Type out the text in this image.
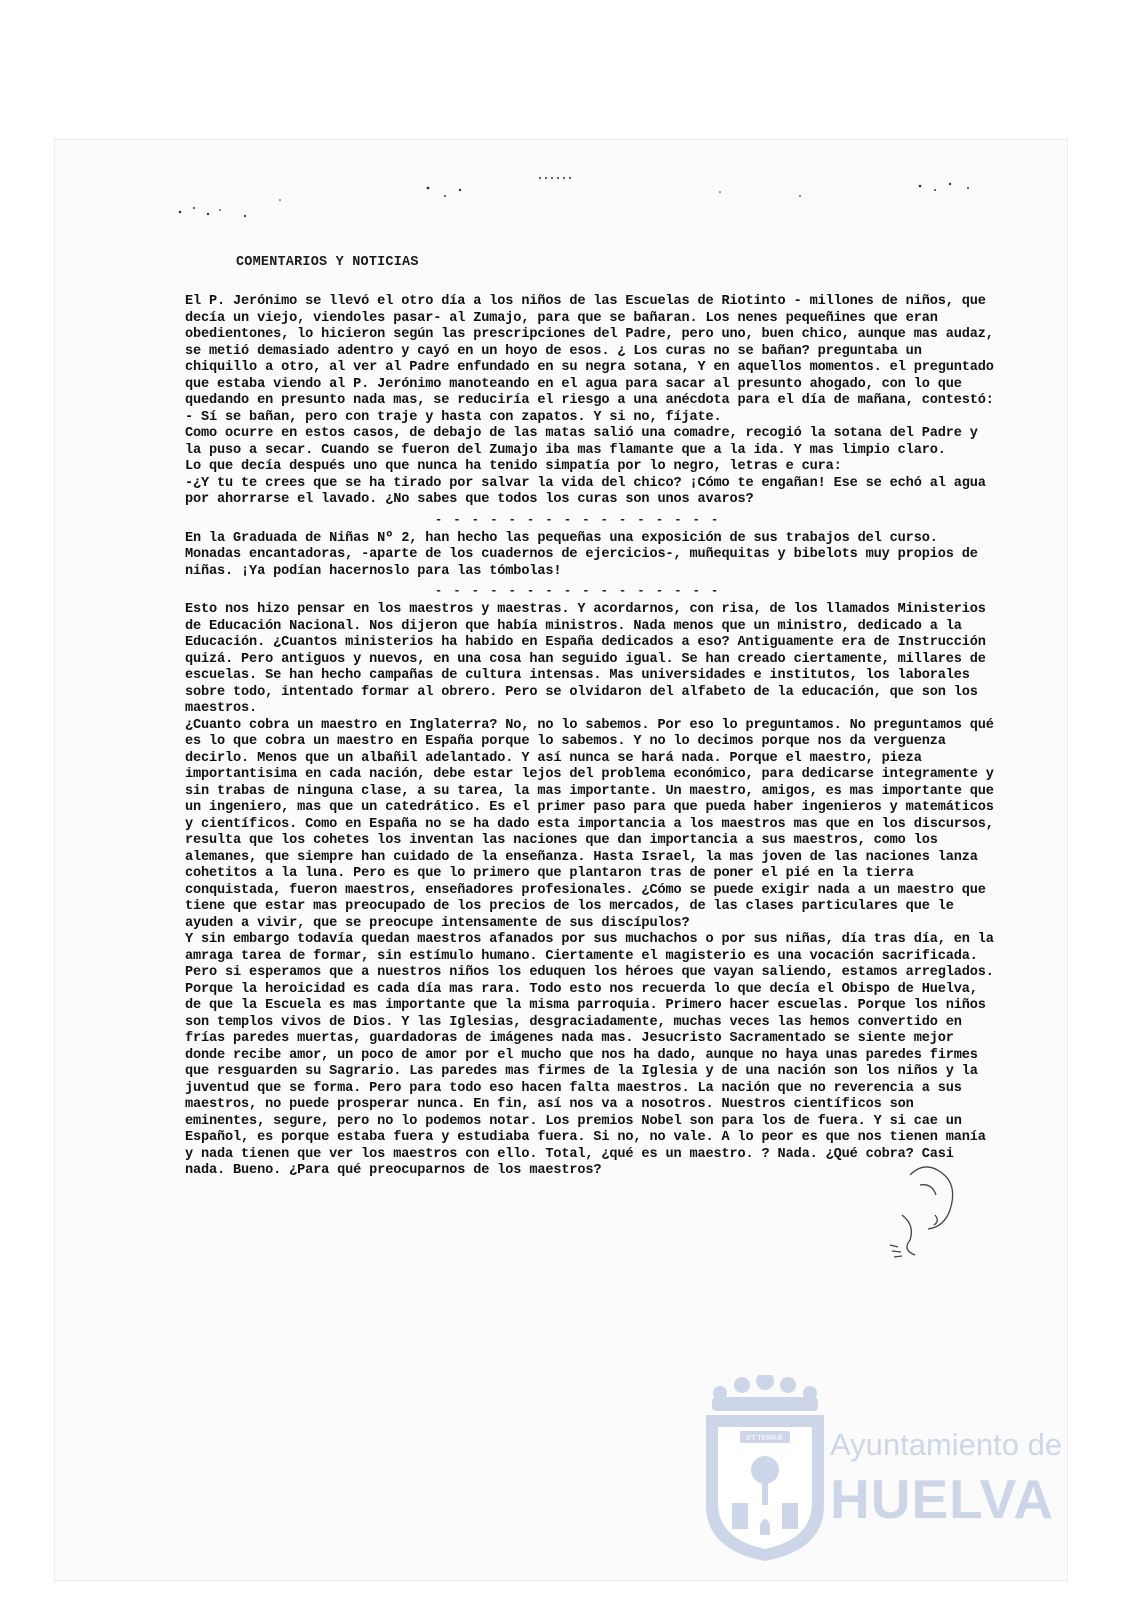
COMENTARIOS Y NOTICIAS

El P. Jerónimo se llevó el otro día a los niños de las Escuelas de Riotinto - millones de niños, que decía un viejo, viendoles pasar- al Zumajo, para que se bañaran. Los nenes pequeñines que eran obedientones, lo hicieron según las prescripciones del Padre, pero uno, buen chico, aunque mas audaz, se metió demasiado adentro y cayó en un hoyo de esos. ¿ Los curas no se bañan? preguntaba un chiquillo a otro, al ver al Padre enfundado en su negra sotana, Y en aquellos momentos. el preguntado que estaba viendo al P. Jerónimo manoteando en el agua para sacar al presunto ahogado, con lo que quedando en presunto nada mas, se reduciría el riesgo a una anécdota para el día de mañana, contestó:

- Sí se bañan, pero con traje y hasta con zapatos. Y si no, fíjate.

Como ocurre en estos casos, de debajo de las matas salió una comadre, recogió la sotana del Padre y la puso a secar. Cuando se fueron del Zumajo iba mas flamante que a la ida. Y mas limpio claro.

Lo que decía después uno que nunca ha tenido simpatía por lo negro, letras e cura:

-¿Y tu te crees que se ha tirado por salvar la vida del chico? ¡Cómo te engañan! Ese se echó al agua por ahorrarse el lavado. ¿No sabes que todos los curas son unos avaros?

- - - - - - - - - - - - - - - -

En la Graduada de Niñas Nº 2, han hecho las pequeñas una exposición de sus trabajos del curso. Monadas encantadoras, -aparte de los cuadernos de ejercicios-, muñequitas y bibelots muy propios de niñas. ¡Ya podían hacernoslo para las tómbolas!

- - - - - - - - - - - - - - - -

Esto nos hizo pensar en los maestros y maestras. Y acordarnos, con risa, de los llamados Ministerios de Educación Nacional. Nos dijeron que había ministros. Nada menos que un ministro, dedicado a la Educación. ¿Cuantos ministerios ha habido en España dedicados a eso? Antiguamente era de Instrucción quizá. Pero antiguos y nuevos, en una cosa han seguido igual. Se han creado ciertamente, millares de escuelas. Se han hecho campañas de cultura intensas. Mas universidades e institutos, los laborales sobre todo, intentado formar al obrero. Pero se olvidaron del alfabeto de la educación, que son los maestros.

¿Cuanto cobra un maestro en Inglaterra? No, no lo sabemos. Por eso lo preguntamos. No preguntamos qué es lo que cobra un maestro en España porque lo sabemos. Y no lo decimos porque nos da verguenza decirlo. Menos que un albañil adelantado. Y así nunca se hará nada. Porque el maestro, pieza importantisima en cada nación, debe estar lejos del problema económico, para dedicarse integramente y sin trabas de ninguna clase, a su tarea, la mas importante. Un maestro, amigos, es mas importante que un ingeniero, mas que un catedrático. Es el primer paso para que pueda haber ingenieros y matemáticos y científicos. Como en España no se ha dado esta importancia a los maestros mas que en los discursos, resulta que los cohetes los inventan las naciones que dan importancia a sus maestros, como los alemanes, que siempre han cuidado de la enseñanza. Hasta Israel, la mas joven de las naciones lanza cohetitos a la luna. Pero es que lo primero que plantaron tras de poner el pié en la tierra conquistada, fueron maestros, enseñadores profesionales. ¿Cómo se puede exigir nada a un maestro que tiene que estar mas preocupado de los precios de los mercados, de las clases particulares que le ayuden a vivir, que se preocupe intensamente de sus discípulos?

Y sin embargo todavía quedan maestros afanados por sus muchachos o por sus niñas, día tras día, en la amraga tarea de formar, sin estímulo humano. Ciertamente el magisterio es una vocación sacrificada. Pero si esperamos que a nuestros niños los eduquen los héroes que vayan saliendo, estamos arreglados. Porque la heroicidad es cada día mas rara. Todo esto nos recuerda lo que decía el Obispo de Huelva, de que la Escuela es mas importante que la misma parroquia. Primero hacer escuelas. Porque los niños son templos vivos de Dios. Y las Iglesias, desgraciadamente, muchas veces las hemos convertido en frías paredes muertas, guardadoras de imágenes nada mas. Jesucristo Sacramentado se siente mejor donde recibe amor, un poco de amor por el mucho que nos ha dado, aunque no haya unas paredes firmes que resguarden su Sagrario. Las paredes mas firmes de la Iglesia y de una nación son los niños y la juventud que se forma. Pero para todo eso hacen falta maestros. La nación que no reverencia a sus maestros, no puede prosperar nunca. En fin, así nos va a nosotros. Nuestros científicos son eminentes, segure, pero no lo podemos notar. Los premios Nobel son para los de fuera. Y si cae un Español, es porque estaba fuera y estudiaba fuera. Si no, no vale. A lo peor es que nos tienen manía y nada tienen que ver los maestros con ello. Total, ¿qué es un maestro. ? Nada. ¿Qué cobra? Casi nada. Bueno. ¿Para qué preocuparnos de los maestros?

ET TERRÆ Ayuntamiento de
HUELVA
